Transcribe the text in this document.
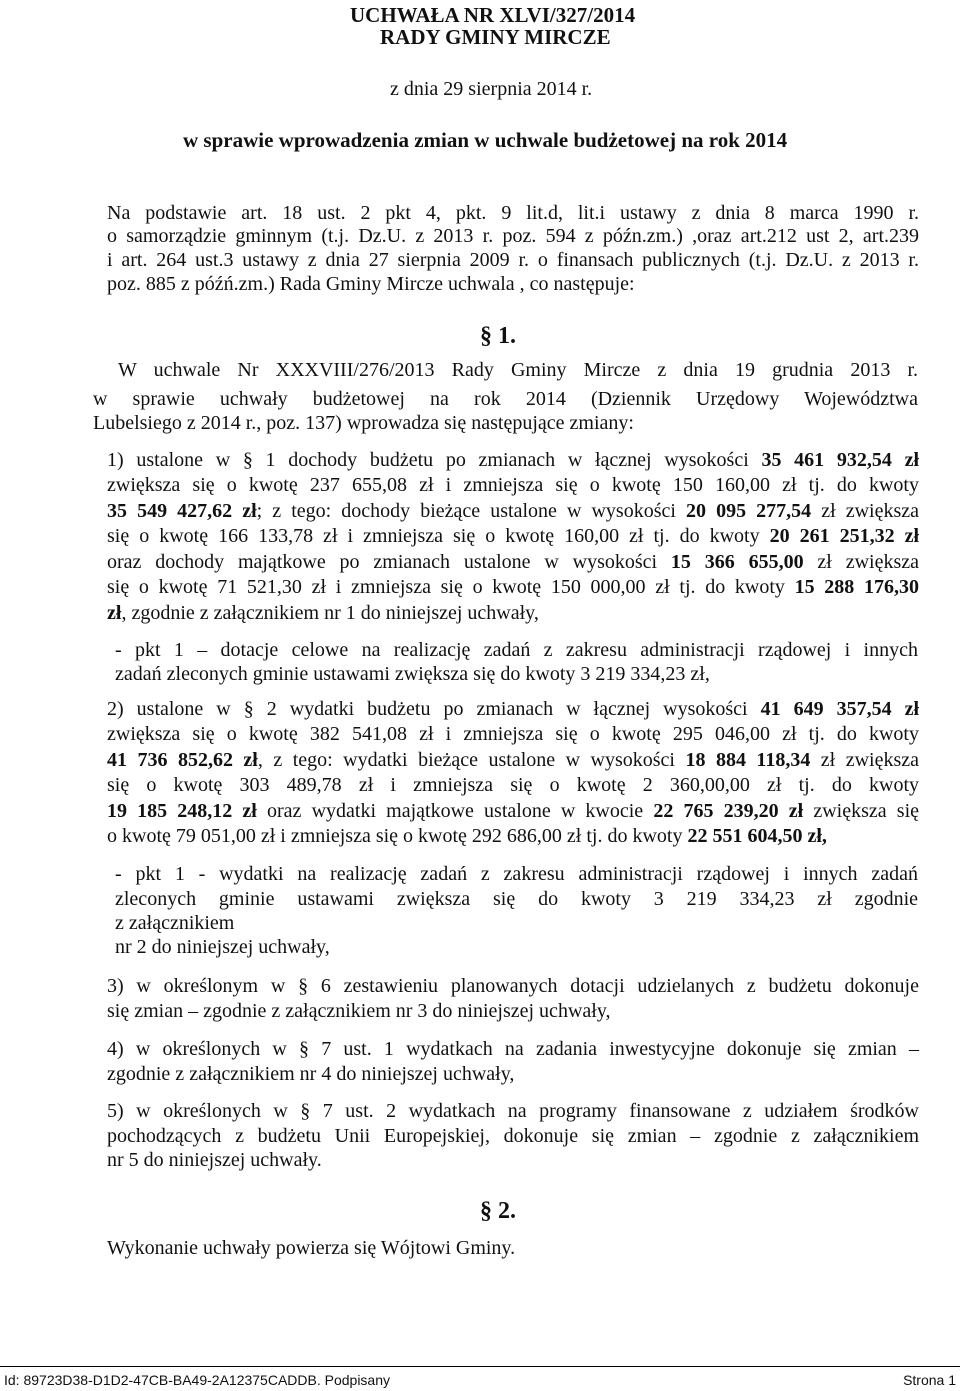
UCHWAŁA NR XLVI/327/2014
RADY GMINY MIRCZE
z dnia 29 sierpnia 2014 r.
w sprawie wprowadzenia zmian w uchwale budżetowej na rok 2014
Na podstawie art. 18 ust. 2 pkt 4, pkt. 9 lit.d, lit.i ustawy z dnia 8 marca 1990 r.
o samorządzie gminnym (t.j. Dz.U. z 2013 r. poz. 594 z późn.zm.) ,oraz art.212 ust 2, art.239
i art. 264 ust.3 ustawy z dnia 27 sierpnia 2009 r. o finansach publicznych (t.j. Dz.U. z 2013 r.
poz. 885 z późń.zm.) Rada Gminy Mircze uchwala , co następuje:
§ 1.
W uchwale Nr XXXVIII/276/2013 Rady Gminy Mircze z dnia 19 grudnia 2013 r.
w sprawie uchwały budżetowej na rok 2014 (Dziennik Urzędowy Województwa
Lubelsiego z 2014 r., poz. 137) wprowadza się następujące zmiany:
1) ustalone w § 1 dochody budżetu po zmianach w łącznej wysokości 35 461 932,54 zł
zwiększa się o kwotę 237 655,08 zł i zmniejsza się o kwotę 150 160,00 zł tj. do kwoty
35 549 427,62 zł; z tego: dochody bieżące ustalone w wysokości 20 095 277,54 zł zwiększa
się o kwotę 166 133,78 zł i zmniejsza się o kwotę 160,00 zł tj. do kwoty 20 261 251,32 zł
oraz dochody majątkowe po zmianach ustalone w wysokości 15 366 655,00 zł zwiększa
się o kwotę 71 521,30 zł i zmniejsza się o kwotę 150 000,00 zł tj. do kwoty 15 288 176,30
zł, zgodnie z załącznikiem nr 1 do niniejszej uchwały,
- pkt 1 – dotacje celowe na realizację zadań z zakresu administracji rządowej i innych
zadań zleconych gminie ustawami zwiększa się do kwoty 3 219 334,23 zł,
2) ustalone w § 2 wydatki budżetu po zmianach w łącznej wysokości 41 649 357,54 zł
zwiększa się o kwotę 382 541,08 zł i zmniejsza się o kwotę 295 046,00 zł tj. do kwoty
41 736 852,62 zł, z tego: wydatki bieżące ustalone w wysokości 18 884 118,34 zł zwiększa
się o kwotę 303 489,78 zł i zmniejsza się o kwotę 2 360,00,00 zł tj. do kwoty
19 185 248,12 zł oraz wydatki majątkowe ustalone w kwocie 22 765 239,20 zł zwiększa się
o kwotę 79 051,00 zł i zmniejsza się o kwotę 292 686,00 zł tj. do kwoty 22 551 604,50 zł,
- pkt 1 - wydatki na realizację zadań z zakresu administracji rządowej i innych zadań
zleconych gminie ustawami zwiększa się do kwoty 3 219 334,23 zł zgodnie
z załącznikiem
nr 2 do niniejszej uchwały,
3) w określonym w § 6 zestawieniu planowanych dotacji udzielanych z budżetu dokonuje
się zmian – zgodnie z załącznikiem nr 3 do niniejszej uchwały,
4) w określonych w § 7 ust. 1 wydatkach na zadania inwestycyjne dokonuje się zmian –
zgodnie z załącznikiem nr 4 do niniejszej uchwały,
5) w określonych w § 7 ust. 2 wydatkach na programy finansowane z udziałem środków
pochodzących z budżetu Unii Europejskiej, dokonuje się zmian – zgodnie z załącznikiem
nr 5 do niniejszej uchwały.
§ 2.
Wykonanie uchwały powierza się Wójtowi Gminy.
Id: 89723D38-D1D2-47CB-BA49-2A12375CADDB. Podpisany	Strona 1
